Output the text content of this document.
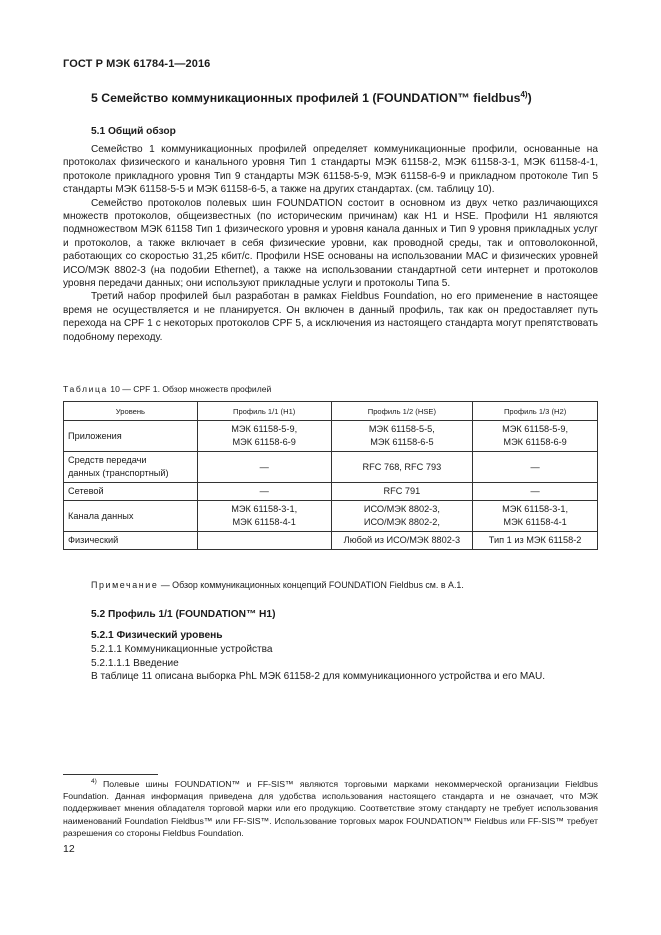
ГОСТ Р МЭК 61784-1—2016
5 Семейство коммуникационных профилей 1 (FOUNDATION™ fieldbus$^{4)}$)
5.1 Общий обзор

Семейство 1 коммуникационных профилей определяет коммуникационные профили, основанные на протоколах физического и канального уровня Тип 1 стандарты МЭК 61158-2, МЭК 61158-3-1, МЭК 61158-4-1, протоколе прикладного уровня Тип 9 стандарты МЭК 61158-5-9, МЭК 61158-6-9 и прикладном протоколе Тип 5 стандарты МЭК 61158-5-5 и МЭК 61158-6-5, а также на других стандартах. (см. таблицу 10).

Семейство протоколов полевых шин FOUNDATION состоит в основном из двух четко различающихся множеств протоколов, общеизвестных (по историческим причинам) как H1 и HSE. Профили H1 являются подмножеством МЭК 61158 Тип 1 физического уровня и уровня канала данных и Тип 9 уровня прикладных услуг и протоколов, а также включает в себя физические уровни, как проводной среды, так и оптоволоконной, работающих со скоростью 31,25 кбит/с. Профили HSE основаны на использовании MAC и физических уровней ИСО/МЭК 8802-3 (на подобии Ethernet), а также на использовании стандартной сети интернет и протоколов уровня передачи данных; они используют прикладные услуги и протоколы Типа 5.

Третий набор профилей был разработан в рамках Fieldbus Foundation, но его применение в настоящее время не осуществляется и не планируется. Он включен в данный профиль, так как он предоставляет путь перехода на CPF 1 с некоторых протоколов CPF 5, а исключения из настоящего стандарта могут препятствовать подобному переходу.

Таблица 10 — CPF 1. Обзор множеств профилей
Уровень	Профиль 1/1 (H1)	Профиль 1/2 (HSE)	Профиль 1/3 (H2)
Приложения	МЭК 61158-5-9,
МЭК 61158-6-9	МЭК 61158-5-5,
МЭК 61158-6-5	МЭК 61158-5-9,
МЭК 61158-6-9

Средств передачи
данных (транспортный)	—	RFC 768, RFC 793	—
Сетевой	—	RFC 791	—
Канала данных	МЭК 61158-3-1,
МЭК 61158-4-1	ИСО/МЭК 8802-3,
ИСО/МЭК 8802-2,	МЭК 61158-3-1,
МЭК 61158-4-1

Физический		Любой из ИСО/МЭК 8802-3	Тип 1 из МЭК 61158-2
Примечание — Обзор коммуникационных концепций FOUNDATION Fieldbus см. в А.1.
5.2 Профиль 1/1 (FOUNDATION™ H1)
5.2.1 Физический уровень
5.2.1.1 Коммуникационные устройства
5.2.1.1.1 Введение
В таблице 11 описана выборка PhL МЭК 61158-2 для коммуникационного устройства и его MAU.
$^{4)}$ Полевые шины FOUNDATION™ и FF-SIS™ являются торговыми марками некоммерческой организации Fieldbus Foundation. Данная информация приведена для удобства использования настоящего стандарта и не означает, что МЭК поддерживает мнения обладателя торговой марки или его продукцию. Соответствие этому стандарту не требует использования наименований Foundation Fieldbus™ или FF-SIS™. Использование торговых марок FOUNDATION™ Fieldbus или FF-SIS™ требует разрешения со стороны Fieldbus Foundation.
12
